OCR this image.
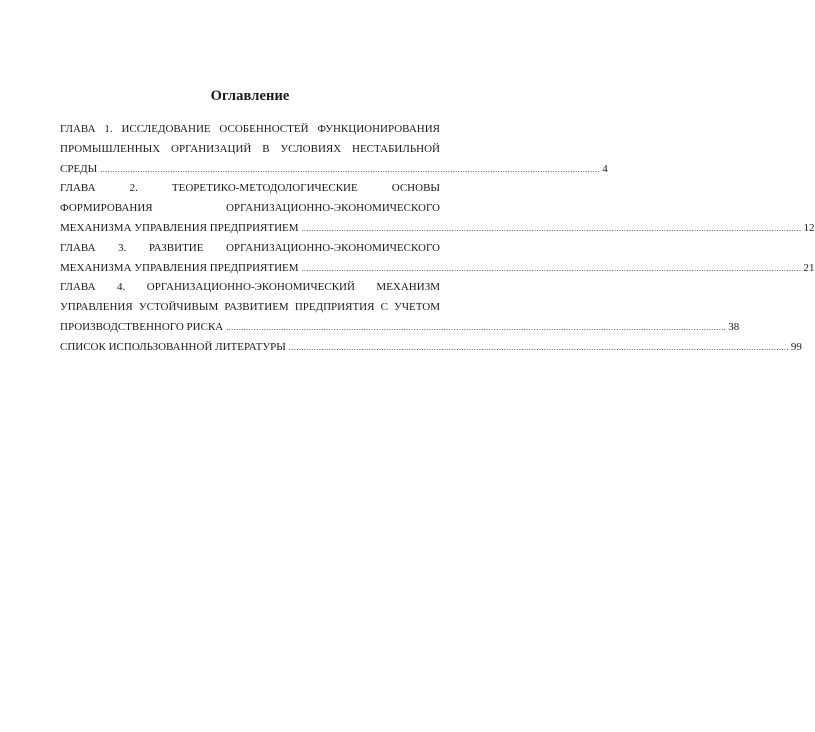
Оглавление
ГЛАВА 1. ИССЛЕДОВАНИЕ ОСОБЕННОСТЕЙ ФУНКЦИОНИРОВАНИЯ
ПРОМЫШЛЕННЫХ ОРГАНИЗАЦИЙ В УСЛОВИЯХ НЕСТАБИЛЬНОЙ
СРЕДЫ ........................................................................................................................................................................................................ 4
ГЛАВА 2. ТЕОРЕТИКО-МЕТОДОЛОГИЧЕСКИЕ ОСНОВЫ
ФОРМИРОВАНИЯ ОРГАНИЗАЦИОННО-ЭКОНОМИЧЕСКОГО
МЕХАНИЗМА УПРАВЛЕНИЯ ПРЕДПРИЯТИЕМ ........................................................................................................................................................................................................ 12
ГЛАВА 3. РАЗВИТИЕ ОРГАНИЗАЦИОННО-ЭКОНОМИЧЕСКОГО
МЕХАНИЗМА УПРАВЛЕНИЯ ПРЕДПРИЯТИЕМ ........................................................................................................................................................................................................ 21
ГЛАВА 4. ОРГАНИЗАЦИОННО-ЭКОНОМИЧЕСКИЙ МЕХАНИЗМ
УПРАВЛЕНИЯ УСТОЙЧИВЫМ РАЗВИТИЕМ ПРЕДПРИЯТИЯ С УЧЕТОМ
ПРОИЗВОДСТВЕННОГО РИСКА ........................................................................................................................................................................................................ 38
СПИСОК ИСПОЛЬЗОВАННОЙ ЛИТЕРАТУРЫ ........................................................................................................................................................................................................ 99
